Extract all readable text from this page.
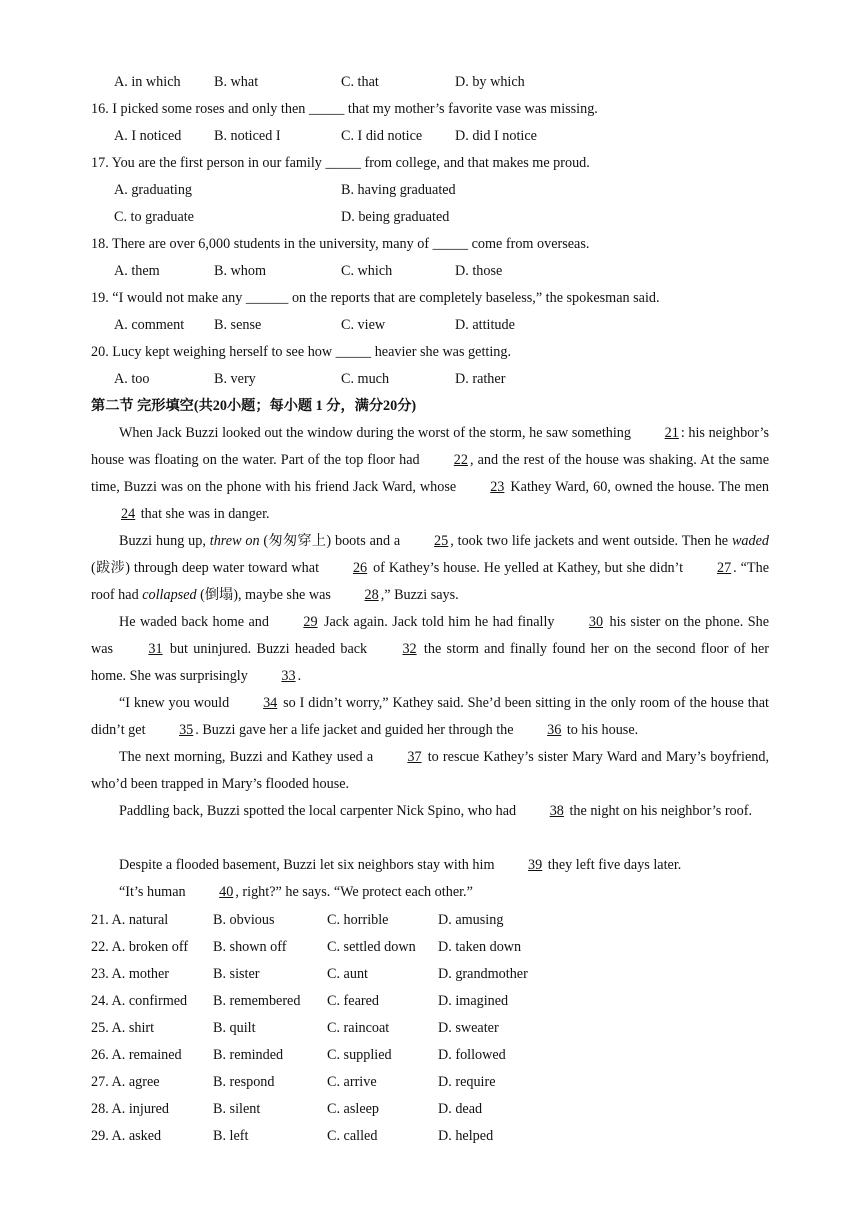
A. in which B. what	C. that	D. by which
16. I picked some roses and only then _____ that my mother’s favorite vase was missing.
A. I noticed B. noticed I	C. I did notice D. did I notice
17. You are the first person in our family _____ from college, and that makes me proud.
A. graduating	B. having graduated
C. to graduate	D. being graduated
18. There are over 6,000 students in the university, many of _____ come from overseas.
A. them	B. whom	C. which	D. those
19. “I would not make any ______ on the reports that are completely baseless,” the spokesman said.
A. comment B. sense	C. view	D. attitude
20. Lucy kept weighing herself to see how _____ heavier she was getting.
A. too	B. very	C. much	D. rather
第二节 完形填空(共20小题；每小题 1 分，满分20分)
When Jack Buzzi looked out the window during the worst of the storm, he saw something 21 : his neighbor’s house was floating on the water. Part of the top floor had 22 , and the rest of the house was shaking. At the same time, Buzzi was on the phone with his friend Jack Ward, whose 23 Kathey Ward, 60, owned the house. The men 24 that she was in danger.
Buzzi hung up, threw on (匆匆穿上) boots and a 25 , took two life jackets and went outside. Then he waded (跋涉) through deep water toward what 26 of Kathey’s house. He yelled at Kathey, but she didn’t 27 . “The roof had collapsed (倒塌), maybe she was 28 ,” Buzzi says.
He waded back home and 29 Jack again. Jack told him he had finally 30 his sister on the phone. She was 31 but uninjured. Buzzi headed back 32 the storm and finally found her on the second floor of her home. She was surprisingly 33 .
“I knew you would 34 so I didn’t worry,” Kathey said. She’d been sitting in the only room of the house that didn’t get 35 . Buzzi gave her a life jacket and guided her through the 36 to his house.
The next morning, Buzzi and Kathey used a 37 to rescue Kathey’s sister Mary Ward and Mary’s boyfriend, who’d been trapped in Mary’s flooded house.
Paddling back, Buzzi spotted the local carpenter Nick Spino, who had 38 the night on his neighbor’s roof.
Despite a flooded basement, Buzzi let six neighbors stay with him 39 they left five days later.
“It’s human 40 , right?” he says. “We protect each other.”
21. A. natural	B. obvious	C. horrible	D. amusing
22. A. broken off B. shown off	C. settled down D. taken down
23. A. mother	B. sister	C. aunt	D. grandmother
24. A. confirmed B. remembered C. feared	D. imagined
25. A. shirt	B. quilt	C. raincoat	D. sweater
26. A. remained B. reminded	C. supplied	D. followed
27. A. agree	B. respond	C. arrive	D. require
28. A. injured	B. silent	C. asleep	D. dead
29. A. asked	B. left	C. called	D. helped
